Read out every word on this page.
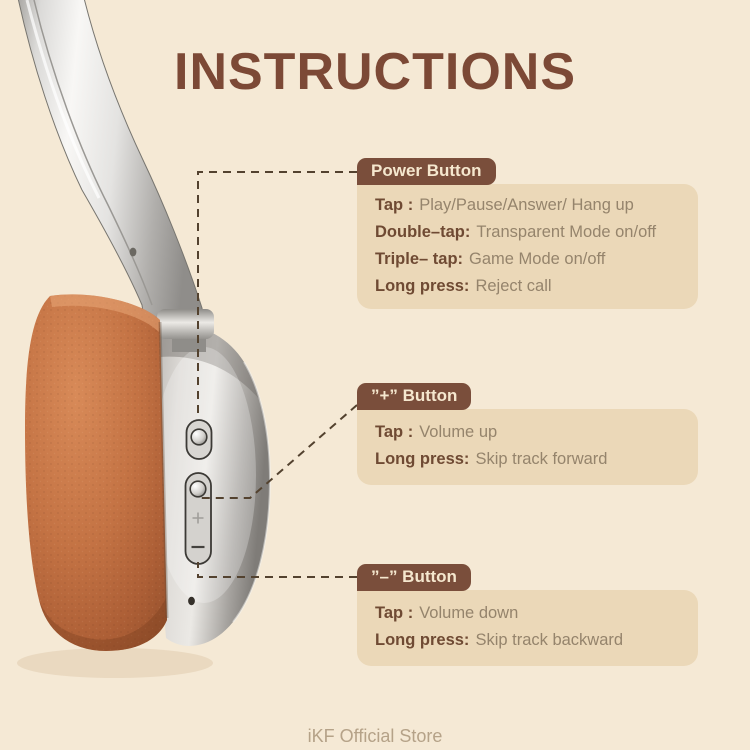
INSTRUCTIONS
Power Button

Tap : Play/Pause/Answer/ Hang up

Double–tap: Transparent Mode on/off

Triple– tap: Game Mode on/off

Long press: Reject call

”+” Button

Tap : Volume up

Long press: Skip track forward

”–” Button

Tap : Volume down

Long press: Skip track backward

iKF Official Store
